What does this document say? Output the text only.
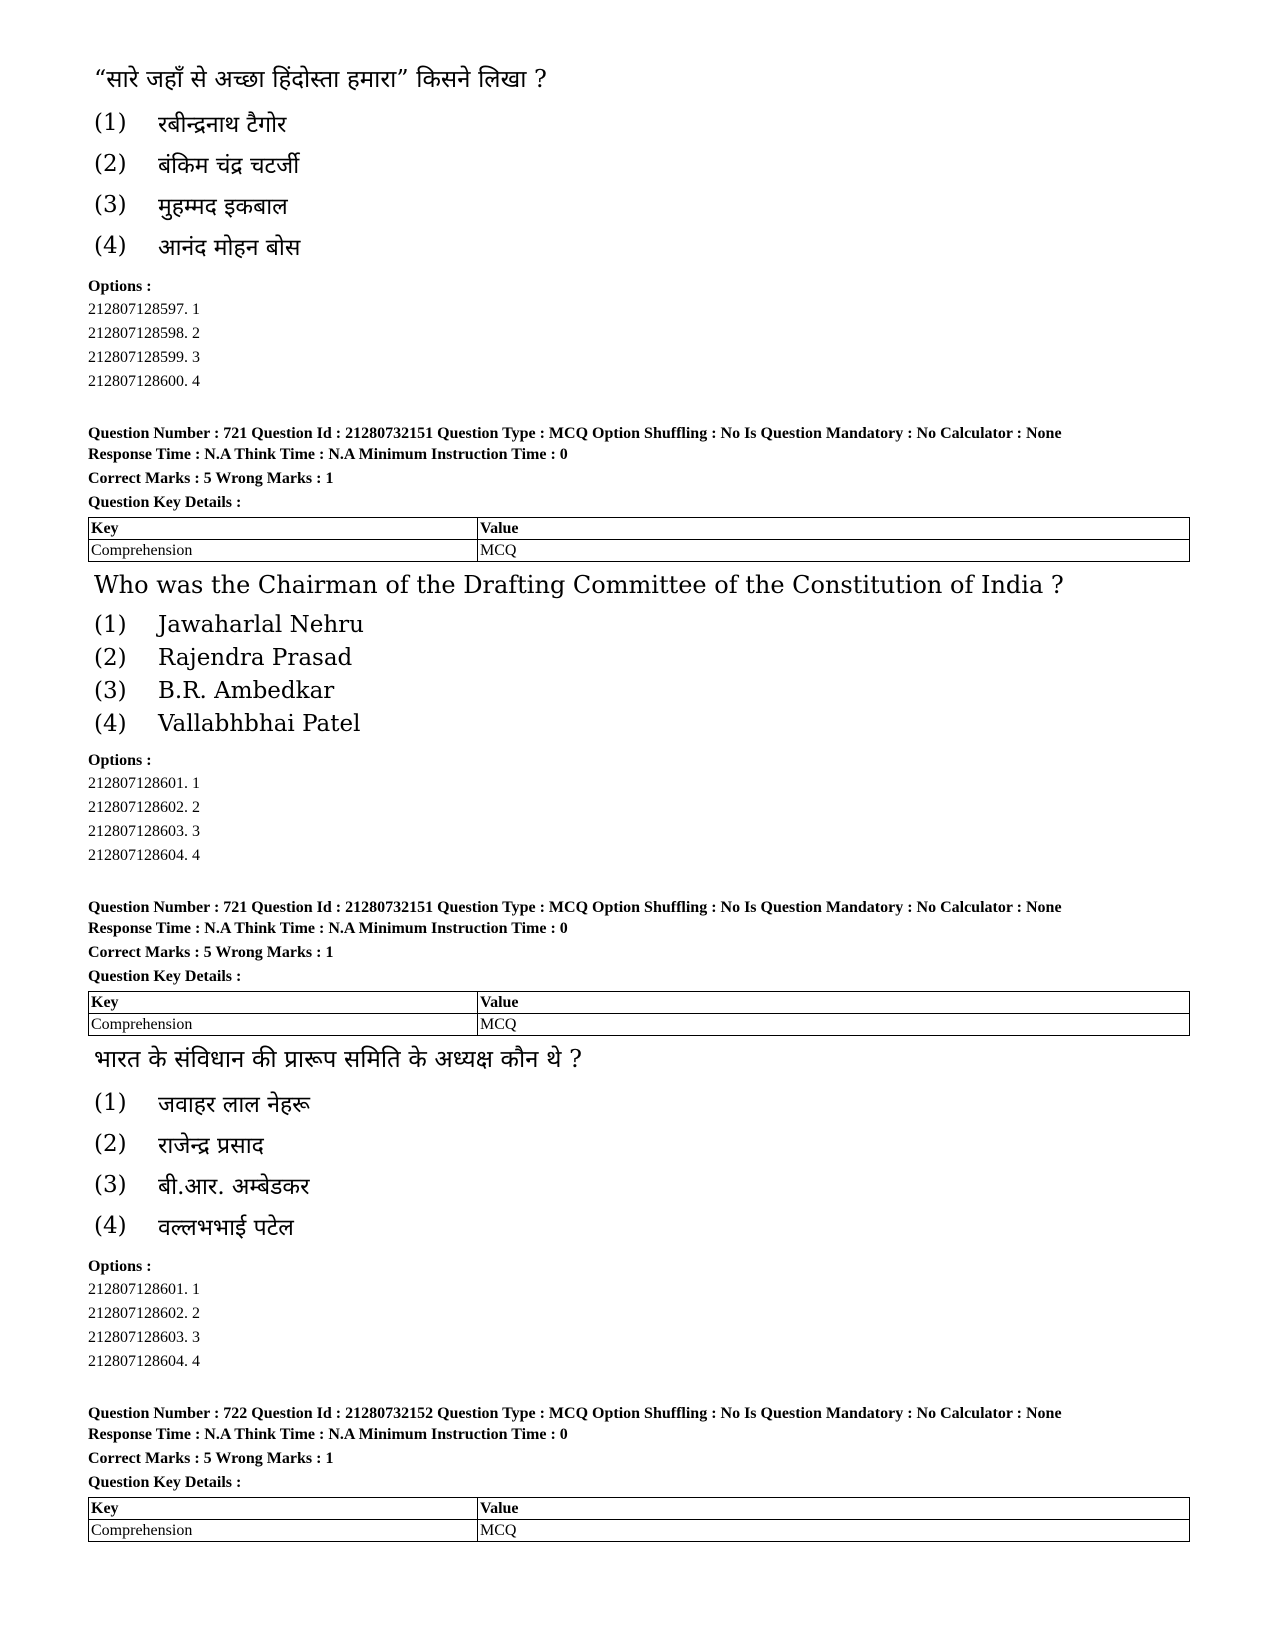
“सारे जहाँ से अच्छा हिंदोस्ता हमारा” किसने लिखा ?
(1)	रबीन्द्रनाथ टैगोर
(2)	बंकिम चंद्र चटर्जी
(3)	मुहम्मद इकबाल
(4)	आनंद मोहन बोस
Options :
212807128597. 1
212807128598. 2
212807128599. 3
212807128600. 4
Question Number : 721 Question Id : 21280732151 Question Type : MCQ Option Shuffling : No Is Question Mandatory : No Calculator : None
Response Time : N.A Think Time : N.A Minimum Instruction Time : 0
Correct Marks : 5 Wrong Marks : 1
Question Key Details :
Key	Value
Comprehension	MCQ
Who was the Chairman of the Drafting Committee of the Constitution of India ?
(1)	Jawaharlal Nehru
(2)	Rajendra Prasad
(3)	B.R. Ambedkar
(4)	Vallabhbhai Patel
Options :
212807128601. 1
212807128602. 2
212807128603. 3
212807128604. 4
Question Number : 721 Question Id : 21280732151 Question Type : MCQ Option Shuffling : No Is Question Mandatory : No Calculator : None
Response Time : N.A Think Time : N.A Minimum Instruction Time : 0
Correct Marks : 5 Wrong Marks : 1
Question Key Details :
Key	Value
Comprehension	MCQ
भारत के संविधान की प्रारूप समिति के अध्यक्ष कौन थे ?
(1)	जवाहर लाल नेहरू
(2)	राजेन्द्र प्रसाद
(3)	बी.आर. अम्बेडकर
(4)	वल्लभभाई पटेल
Options :
212807128601. 1
212807128602. 2
212807128603. 3
212807128604. 4
Question Number : 722 Question Id : 21280732152 Question Type : MCQ Option Shuffling : No Is Question Mandatory : No Calculator : None
Response Time : N.A Think Time : N.A Minimum Instruction Time : 0
Correct Marks : 5 Wrong Marks : 1
Question Key Details :
Key	Value
Comprehension	MCQ
